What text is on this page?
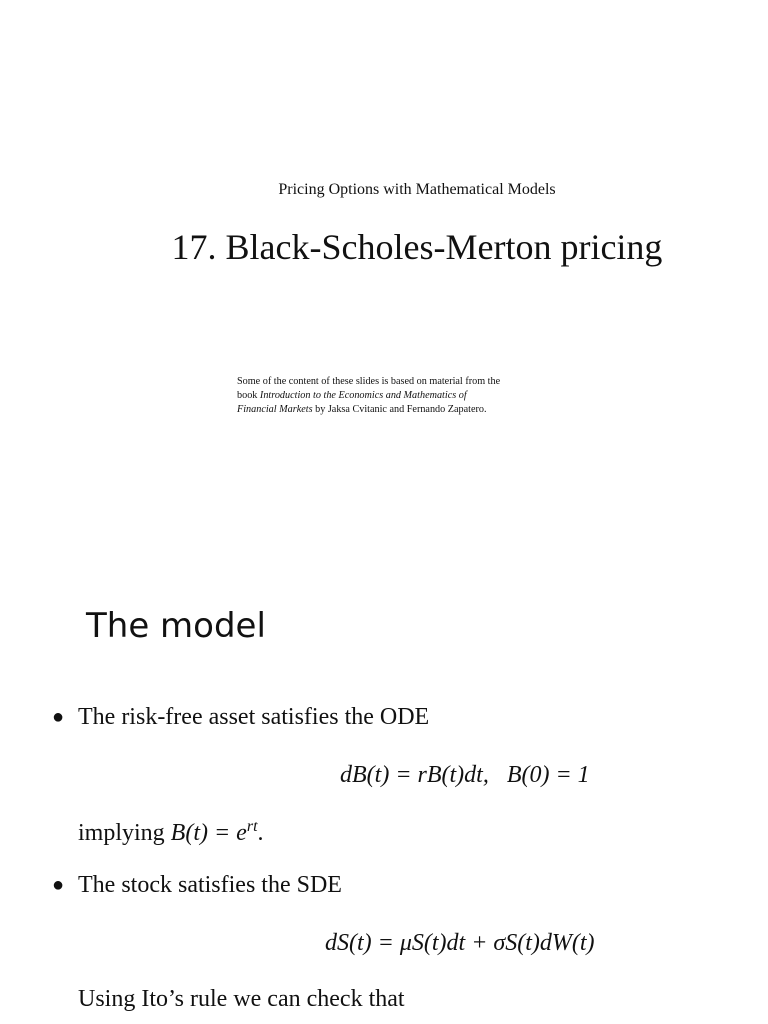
Pricing Options with Mathematical Models
17. Black-Scholes-Merton pricing
Some of the content of these slides is based on material from the
book Introduction to the Economics and Mathematics of
Financial Markets by Jaksa Cvitanic and Fernando Zapatero.
The model
● The risk-free asset satisfies the ODE
dB(t) = rB(t)dt, B(0) = 1
implying $B(t) = e^{rt}$.
● The stock satisfies the SDE
dS(t) = μS(t)dt + σS(t)dW(t)
Using Ito’s rule we can check that
